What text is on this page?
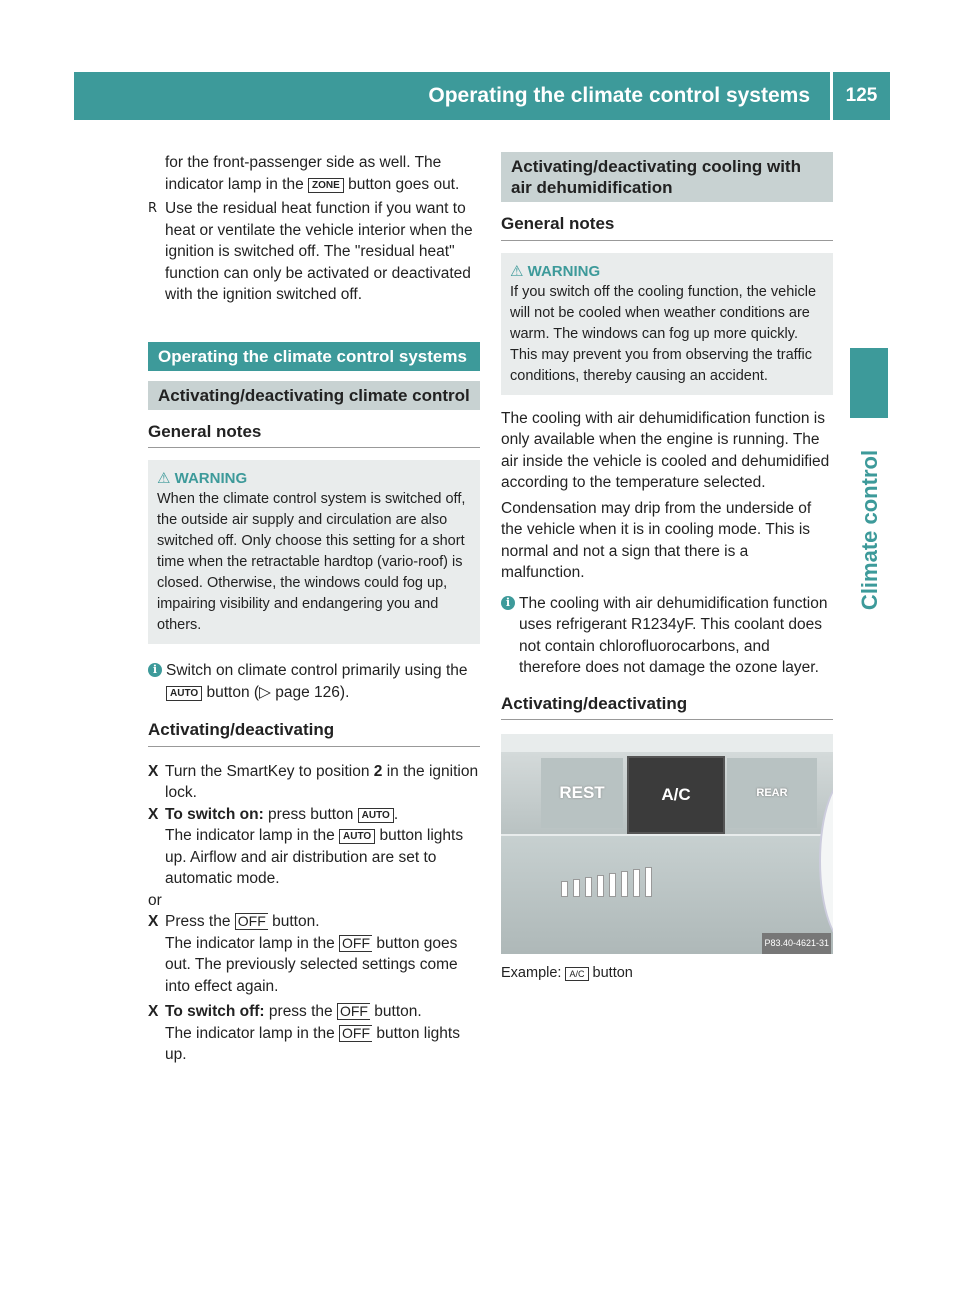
Operating the climate control systems	125
Climate control

for the front-passenger side as well. The indicator lamp in the ZONE button goes out.

R Use the residual heat function if you want to heat or ventilate the vehicle interior when the ignition is switched off. The "residual heat" function can only be activated or deactivated with the ignition switched off.

Operating the climate control systems
Activating/deactivating climate control
General notes
⚠ WARNING
When the climate control system is switched off, the outside air supply and circulation are also switched off. Only choose this setting for a short time when the retractable hardtop (vario-roof) is closed. Otherwise, the windows could fog up, impairing visibility and endangering you and others.

i Switch on climate control primarily using the AUTO button (▷ page 126).

Activating/deactivating

X Turn the SmartKey to position 2 in the ignition lock.

X To switch on: press button AUTO .
The indicator lamp in the AUTO button lights up. Airflow and air distribution are set to automatic mode.

or

X Press the OFF button.
The indicator lamp in the OFF button goes out. The previously selected settings come into effect again.

X To switch off: press the OFF button.
The indicator lamp in the OFF button lights up.

Activating/deactivating cooling with air dehumidification
General notes
⚠ WARNING
If you switch off the cooling function, the vehicle will not be cooled when weather conditions are warm. The windows can fog up more quickly. This may prevent you from observing the traffic conditions, thereby causing an accident.

The cooling with air dehumidification function is only available when the engine is running. The air inside the vehicle is cooled and dehumidified according to the temperature selected.

Condensation may drip from the underside of the vehicle when it is in cooling mode. This is normal and not a sign that there is a malfunction.

i The cooling with air dehumidification function uses refrigerant R1234yF. This coolant does not contain chlorofluorocarbons, and therefore does not damage the ozone layer.

Activating/deactivating
REST	A/C	REAR
P83.40-4621-31

Example: A/C button
